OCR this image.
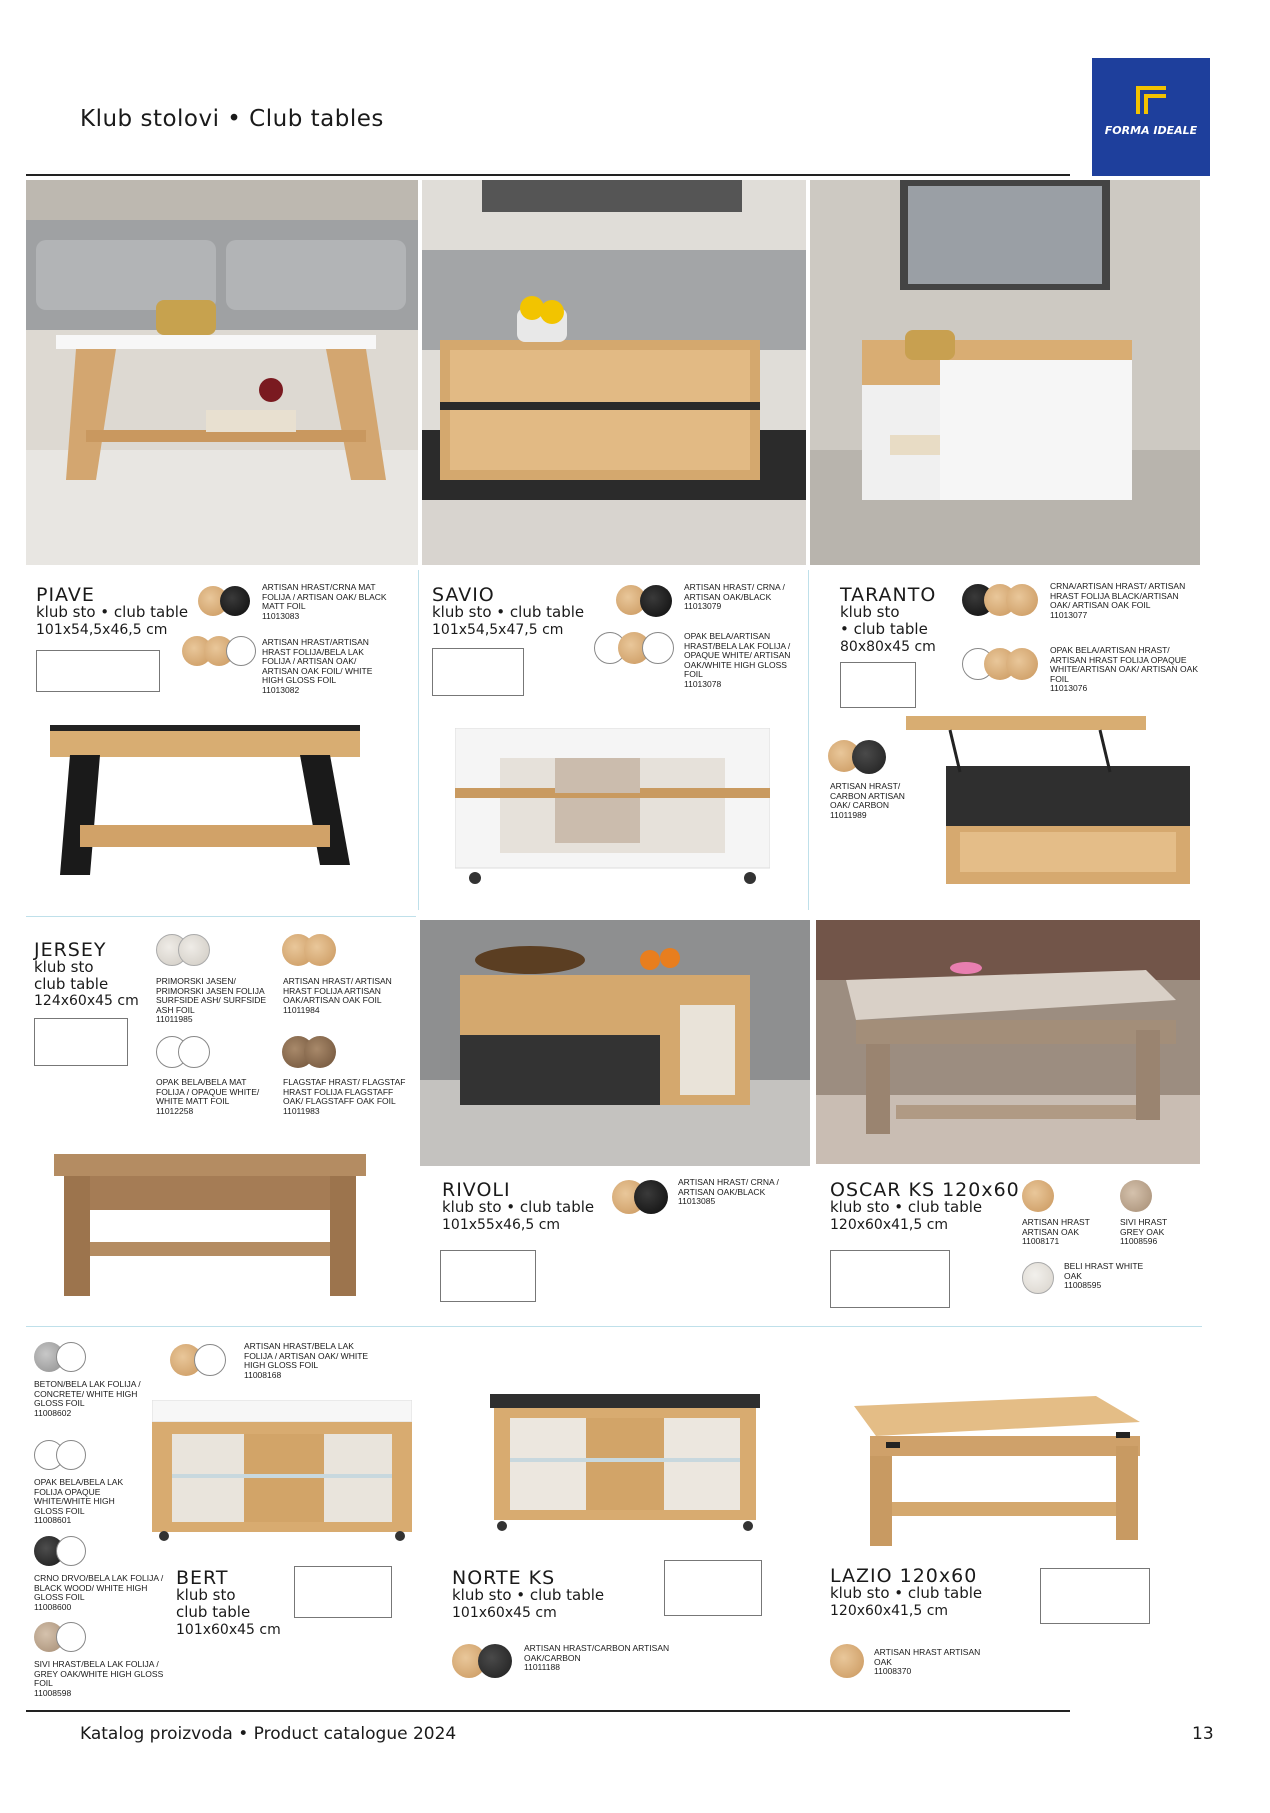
Klub stolovi • Club tables	FORMA IDEALE
PIAVE
klub sto • club table
101x54,5x46,5 cm
ARTISAN HRAST/CRNA MAT FOLIJA / ARTISAN OAK/ BLACK MATT FOIL
11013083
ARTISAN HRAST/ARTISAN HRAST FOLIJA/BELA LAK FOLIJA / ARTISAN OAK/ ARTISAN OAK FOIL/ WHITE HIGH GLOSS FOIL
11013082
SAVIO
klub sto • club table
101x54,5x47,5 cm
ARTISAN HRAST/ CRNA / ARTISAN OAK/BLACK
11013079
OPAK BELA/ARTISAN HRAST/BELA LAK FOLIJA / OPAQUE WHITE/ ARTISAN OAK/WHITE HIGH GLOSS FOIL
11013078
TARANTO
klub sto
• club table
80x80x45 cm
CRNA/ARTISAN HRAST/ ARTISAN HRAST FOLIJA BLACK/ARTISAN OAK/ ARTISAN OAK FOIL
11013077
OPAK BELA/ARTISAN HRAST/ ARTISAN HRAST FOLIJA OPAQUE WHITE/ARTISAN OAK/ ARTISAN OAK FOIL
11013076
ARTISAN HRAST/ CARBON ARTISAN OAK/ CARBON
11011989
JERSEY
klub sto
club table
124x60x45 cm
PRIMORSKI JASEN/ PRIMORSKI JASEN FOLIJA SURFSIDE ASH/ SURFSIDE ASH FOIL
11011985
ARTISAN HRAST/ ARTISAN HRAST FOLIJA ARTISAN OAK/ARTISAN OAK FOIL
11011984
OPAK BELA/BELA MAT FOLIJA / OPAQUE WHITE/ WHITE MATT FOIL
11012258
FLAGSTAF HRAST/ FLAGSTAF HRAST FOLIJA FLAGSTAFF OAK/ FLAGSTAFF OAK FOIL
11011983
RIVOLI
klub sto • club table
101x55x46,5 cm
ARTISAN HRAST/ CRNA / ARTISAN OAK/BLACK
11013085	OSCAR KS 120x60
klub sto • club table
120x60x41,5 cm	ARTISAN HRAST ARTISAN OAK
11008171
SIVI HRAST GREY OAK
11008596
BELI HRAST WHITE OAK
11008595
ARTISAN HRAST/BELA LAK FOLIJA / ARTISAN OAK/ WHITE HIGH GLOSS FOIL
11008168
BETON/BELA LAK FOLIJA / CONCRETE/ WHITE HIGH GLOSS FOIL
11008602
OPAK BELA/BELA LAK FOLIJA OPAQUE WHITE/WHITE HIGH GLOSS FOIL
11008601
CRNO DRVO/BELA LAK FOLIJA / BLACK WOOD/ WHITE HIGH GLOSS FOIL
11008600
SIVI HRAST/BELA LAK FOLIJA / GREY OAK/WHITE HIGH GLOSS FOIL
11008598
BERT
klub sto
club table
101x60x45 cm
NORTE KS
klub sto • club table
101x60x45 cm
ARTISAN HRAST/CARBON ARTISAN OAK/CARBON
11011188
LAZIO 120x60
klub sto • club table
120x60x41,5 cm
ARTISAN HRAST ARTISAN OAK
11008370
Katalog proizvoda • Product catalogue 2024	13
